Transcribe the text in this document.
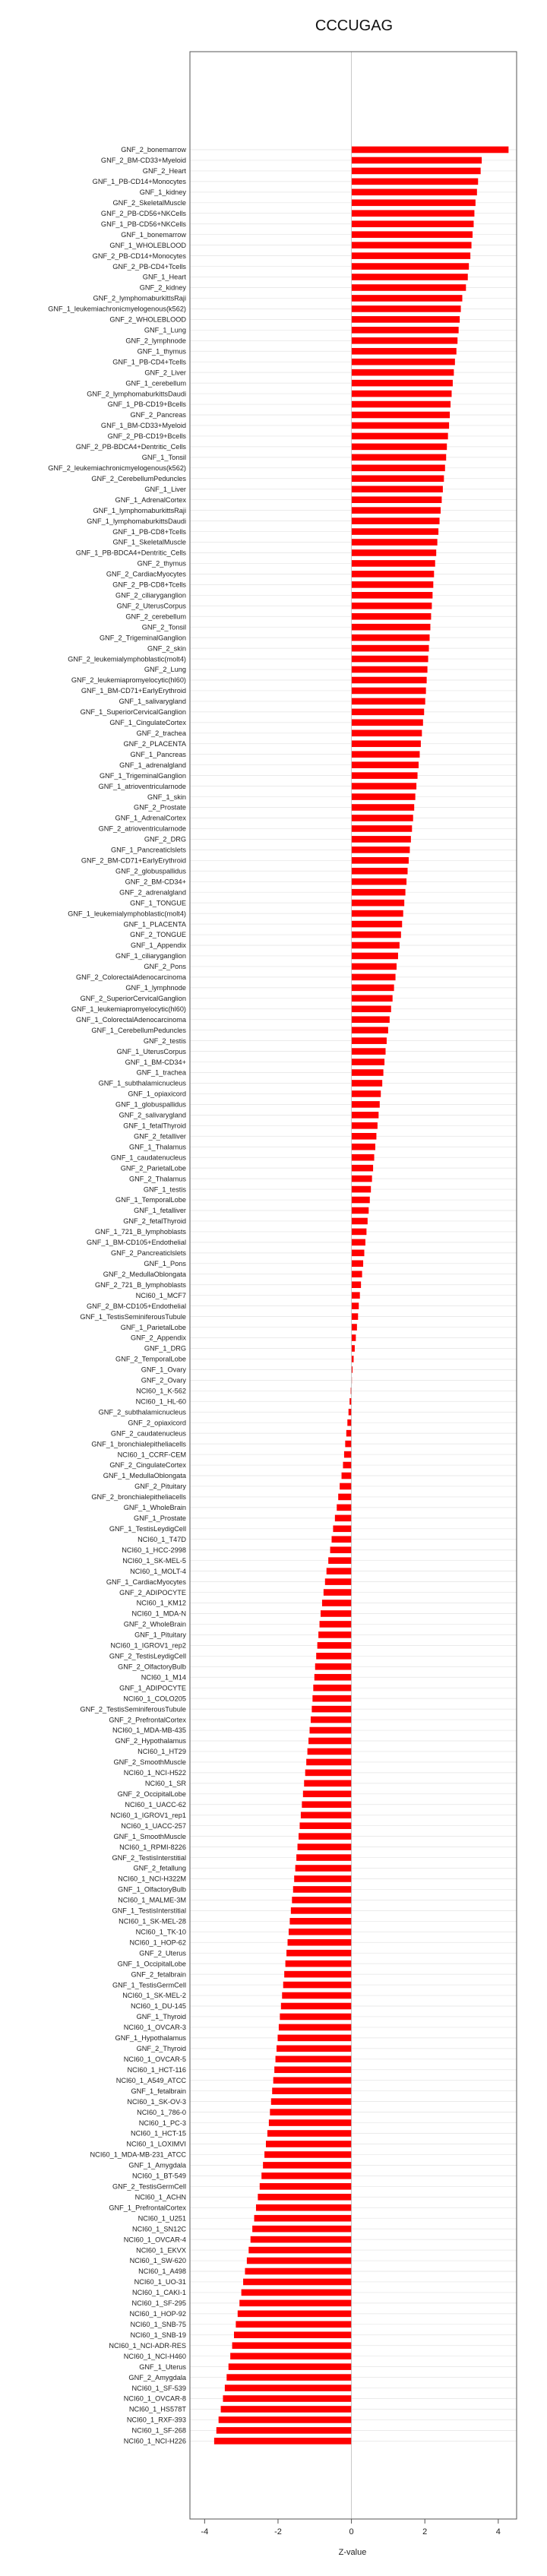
CCCUGAG
GNF_2_bonemarrow
GNF_2_BM-CD33+Myeloid
GNF_2_Heart
GNF_1_PB-CD14+Monocytes
GNF_1_kidney
GNF_2_SkeletalMuscle
GNF_2_PB-CD56+NKCells
GNF_1_PB-CD56+NKCells
GNF_1_bonemarrow
GNF_1_WHOLEBLOOD
GNF_2_PB-CD14+Monocytes
GNF_2_PB-CD4+Tcells
GNF_1_Heart
GNF_2_kidney
GNF_2_lymphomaburkittsRaji
GNF_1_leukemiachronicmyelogenous(k562)
GNF_2_WHOLEBLOOD
GNF_1_Lung
GNF_2_lymphnode
GNF_1_thymus
GNF_1_PB-CD4+Tcells
GNF_2_Liver
GNF_1_cerebellum
GNF_2_lymphomaburkittsDaudi
GNF_1_PB-CD19+Bcells
GNF_2_Pancreas
GNF_1_BM-CD33+Myeloid
GNF_2_PB-CD19+Bcells
GNF_2_PB-BDCA4+Dentritic_Cells
GNF_1_Tonsil
GNF_2_leukemiachronicmyelogenous(k562)
GNF_2_CerebellumPeduncles
GNF_1_Liver
GNF_1_AdrenalCortex
GNF_1_lymphomaburkittsRaji
GNF_1_lymphomaburkittsDaudi
GNF_1_PB-CD8+Tcells
GNF_1_SkeletalMuscle
GNF_1_PB-BDCA4+Dentritic_Cells
GNF_2_thymus
GNF_2_CardiacMyocytes
GNF_2_PB-CD8+Tcells
GNF_2_ciliaryganglion
GNF_2_UterusCorpus
GNF_2_cerebellum
GNF_2_Tonsil
GNF_2_TrigeminalGanglion
GNF_2_skin
GNF_2_leukemialymphoblastic(molt4)
GNF_2_Lung
GNF_2_leukemiapromyelocytic(hl60)
GNF_1_BM-CD71+EarlyErythroid
GNF_1_salivarygland
GNF_1_SuperiorCervicalGanglion
GNF_1_CingulateCortex
GNF_2_trachea
GNF_2_PLACENTA
GNF_1_Pancreas
GNF_1_adrenalgland
GNF_1_TrigeminalGanglion
GNF_1_atrioventricularnode
GNF_1_skin
GNF_2_Prostate
GNF_1_AdrenalCortex
GNF_2_atrioventricularnode
GNF_2_DRG
GNF_1_Pancreaticlslets
GNF_2_BM-CD71+EarlyErythroid
GNF_2_globuspallidus
GNF_2_BM-CD34+
GNF_2_adrenalgland
GNF_1_TONGUE
GNF_1_leukemialymphoblastic(molt4)
GNF_1_PLACENTA
GNF_2_TONGUE
GNF_1_Appendix
GNF_1_ciliaryganglion
GNF_2_Pons
GNF_2_ColorectalAdenocarcinoma
GNF_1_lymphnode
GNF_2_SuperiorCervicalGanglion
GNF_1_leukemiapromyelocytic(hl60)
GNF_1_ColorectalAdenocarcinoma
GNF_1_CerebellumPeduncles
GNF_2_testis
GNF_1_UterusCorpus
GNF_1_BM-CD34+
GNF_1_trachea
GNF_1_subthalamicnucleus
GNF_1_opiaxicord
GNF_1_globuspallidus
GNF_2_salivarygland
GNF_1_fetalThyroid
GNF_2_fetalliver
GNF_1_Thalamus
GNF_1_caudatenucleus
GNF_2_ParietalLobe
GNF_2_Thalamus
GNF_1_testis
GNF_1_TemporalLobe
GNF_1_fetalliver
GNF_2_fetalThyroid
GNF_1_721_B_lymphoblasts
GNF_1_BM-CD105+Endothelial
GNF_2_Pancreaticlslets
GNF_1_Pons
GNF_2_MedullaOblongata
GNF_2_721_B_lymphoblasts
NCI60_1_MCF7
GNF_2_BM-CD105+Endothelial
GNF_1_TestisSeminiferousTubule
GNF_1_ParietalLobe
GNF_2_Appendix
GNF_1_DRG
GNF_2_TemporalLobe
GNF_1_Ovary
GNF_2_Ovary
NCI60_1_K-562
NCI60_1_HL-60
GNF_2_subthalamicnucleus
GNF_2_opiaxicord
GNF_2_caudatenucleus
GNF_1_bronchialepitheliacells
NCI60_1_CCRF-CEM
GNF_2_CingulateCortex
GNF_1_MedullaOblongata
GNF_2_Pituitary
GNF_2_bronchialepitheliacells
GNF_1_WholeBrain
GNF_1_Prostate
GNF_1_TestisLeydigCell
NCI60_1_T47D
NCI60_1_HCC-2998
NCI60_1_SK-MEL-5
NCI60_1_MOLT-4
GNF_1_CardiacMyocytes
GNF_2_ADIPOCYTE
NCI60_1_KM12
NCI60_1_MDA-N
GNF_2_WholeBrain
GNF_1_Pituitary
NCI60_1_IGROV1_rep2
GNF_2_TestisLeydigCell
GNF_2_OlfactoryBulb
NCI60_1_M14
GNF_1_ADIPOCYTE
NCI60_1_COLO205
GNF_2_TestisSeminiferousTubule
GNF_2_PrefrontalCortex
NCI60_1_MDA-MB-435
GNF_2_Hypothalamus
NCI60_1_HT29
GNF_2_SmoothMuscle
NCI60_1_NCI-H522
NCI60_1_SR
GNF_2_OccipitalLobe
NCI60_1_UACC-62
NCI60_1_IGROV1_rep1
NCI60_1_UACC-257
GNF_1_SmoothMuscle
NCI60_1_RPMI-8226
GNF_2_TestisInterstitial
GNF_2_fetallung
NCI60_1_NCI-H322M
GNF_1_OlfactoryBulb
NCI60_1_MALME-3M
GNF_1_TestisInterstitial
NCI60_1_SK-MEL-28
NCI60_1_TK-10
NCI60_1_HOP-62
GNF_2_Uterus
GNF_1_OccipitalLobe
GNF_2_fetalbrain
GNF_1_TestisGermCell
NCI60_1_SK-MEL-2
NCI60_1_DU-145
GNF_1_Thyroid
NCI60_1_OVCAR-3
GNF_1_Hypothalamus
GNF_2_Thyroid
NCI60_1_OVCAR-5
NCI60_1_HCT-116
NCI60_1_A549_ATCC
GNF_1_fetalbrain
NCI60_1_SK-OV-3
NCI60_1_786-0
NCI60_1_PC-3
NCI60_1_HCT-15
NCI60_1_LOXIMVI
NCI60_1_MDA-MB-231_ATCC
GNF_1_Amygdala
NCI60_1_BT-549
GNF_2_TestisGermCell
NCI60_1_ACHN
GNF_1_PrefrontalCortex
NCI60_1_U251
NCI60_1_SN12C
NCI60_1_OVCAR-4
NCI60_1_EKVX
NCI60_1_SW-620
NCI60_1_A498
NCI60_1_UO-31
NCI60_1_CAKI-1
NCI60_1_SF-295
NCI60_1_HOP-92
NCI60_1_SNB-75
NCI60_1_SNB-19
NCI60_1_NCI-ADR-RES
NCI60_1_NCI-H460
GNF_1_Uterus
GNF_2_Amygdala
NCI60_1_SF-539
NCI60_1_OVCAR-8
NCI60_1_HS578T
NCI60_1_RXF-393
NCI60_1_SF-268
NCI60_1_NCI-H226
-4	-2	0	2	4
Z-value
